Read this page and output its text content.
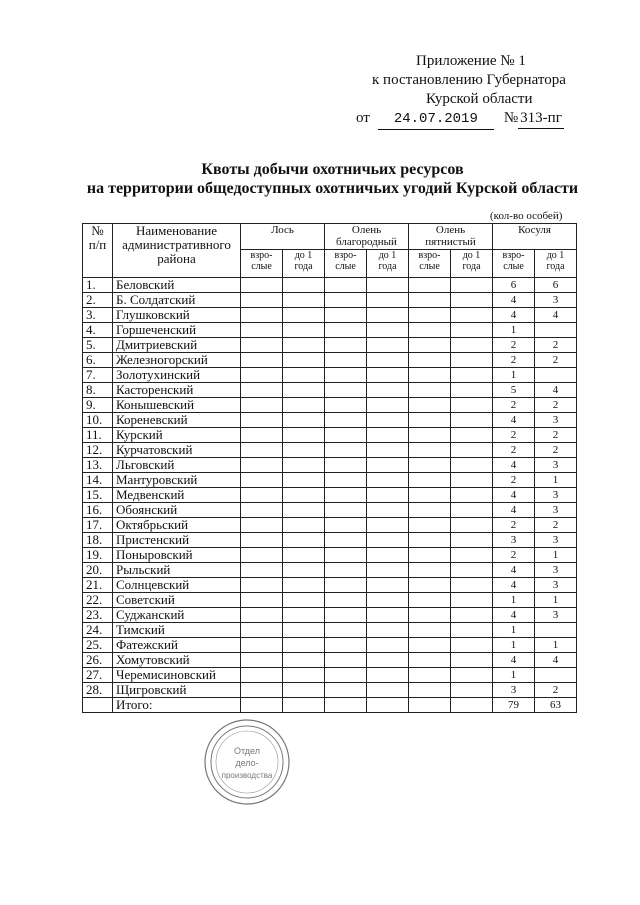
Приложение № 1
к постановлению Губернатора
Курской области
от	24.07.2019	№ 313-пг
Квоты добычи охотничьих ресурсов
на территории общедоступных охотничьих угодий Курской области
(кол-во особей)
№ п/п	Наименование административного района	Лось		Олень благородный		Олень пятнистый		Косуля	
		взро-слые	до 1 года	взро-слые	до 1 года	взро-слые	до 1 года	взро-слые	до 1 года
1.	Беловский							6	6
2.	Б. Солдатский							4	3
3.	Глушковский							4	4
4.	Горшеченский							1	
5.	Дмитриевский							2	2
6.	Железногорский							2	2
7.	Золотухинский							1	
8.	Касторенский							5	4
9.	Конышевский							2	2
10.	Кореневский							4	3
11.	Курский							2	2
12.	Курчатовский							2	2
13.	Льговский							4	3
14.	Мантуровский							2	1
15.	Медвенский							4	3
16.	Обоянский							4	3
17.	Октябрьский							2	2
18.	Пристенский							3	3
19.	Поныровский							2	1
20.	Рыльский							4	3
21.	Солнцевский							4	3
22.	Советский							1	1
23.	Суджанский							4	3
24.	Тимский							1	
25.	Фатежский							1	1
26.	Хомутовский							4	4
27.	Черемисиновский							1	
28.	Щигровский							3	2
	Итого:							79	63
Отдел
дело-
производства
